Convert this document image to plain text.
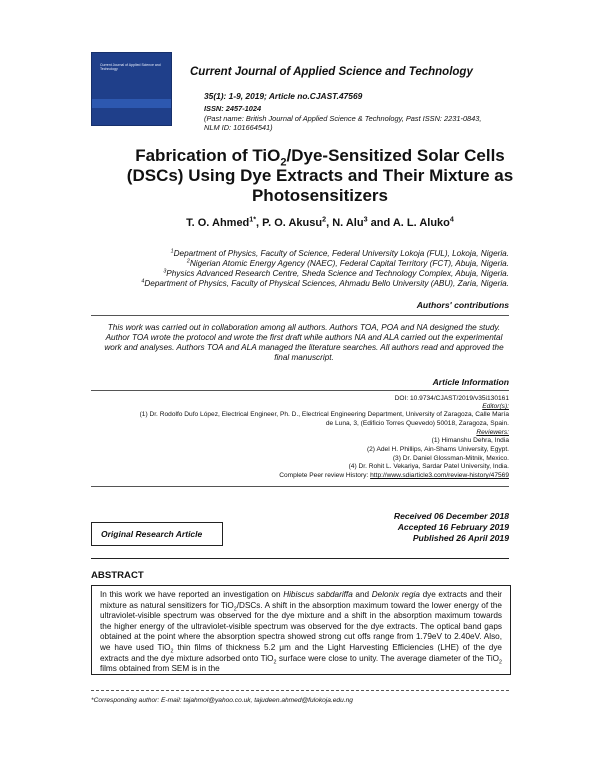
Current Journal of Applied Science and Technology	Current Journal of Applied Science and Technology
35(1): 1-9, 2019; Article no.CJAST.47569
ISSN: 2457-1024
(Past name: British Journal of Applied Science & Technology, Past ISSN: 2231-0843,
NLM ID: 101664541)
Fabrication of TiO$_2$/Dye-Sensitized Solar Cells
(DSCs) Using Dye Extracts and Their Mixture as
Photosensitizers
T. O. Ahmed$^{1*}$, P. O. Akusu$^2$, N. Alu$^3$ and A. L. Aluko$^4$
$^1$Department of Physics, Faculty of Science, Federal University Lokoja (FUL), Lokoja, Nigeria.
$^2$Nigerian Atomic Energy Agency (NAEC), Federal Capital Territory (FCT), Abuja, Nigeria.
$^3$Physics Advanced Research Centre, Sheda Science and Technology Complex, Abuja, Nigeria.
$^4$Department of Physics, Faculty of Physical Sciences, Ahmadu Bello University (ABU), Zaria, Nigeria.
Authors' contributions
This work was carried out in collaboration among all authors. Authors TOA, POA and NA designed the study. Author TOA wrote the protocol and wrote the first draft while authors NA and ALA carried out the experimental work and analyses. Authors TOA and ALA managed the literature searches. All authors read and approved the final manuscript.
Article Information
DOI: 10.9734/CJAST/2019/v35i130161
Editor(s):
(1) Dr. Rodolfo Dufo López, Electrical Engineer, Ph. D., Electrical Engineering Department, University of Zaragoza, Calle María
de Luna, 3, (Edificio Torres Quevedo) 50018, Zaragoza, Spain.
Reviewers:
(1) Himanshu Dehra, India
(2) Adel H. Phillips, Ain-Shams University, Egypt.
(3) Dr. Daniel Glossman-Mitnik, Mexico.
(4) Dr. Rohit L. Vekariya, Sardar Patel University, India.
Complete Peer review History: http://www.sdiarticle3.com/review-history/47569
Original Research Article
Received 06 December 2018
Accepted 16 February 2019
Published 26 April 2019
ABSTRACT
In this work we have reported an investigation on Hibiscus sabdariffa and Delonix regia dye extracts and their mixture as natural sensitizers for TiO$_2$/DSCs. A shift in the absorption maximum toward the lower energy of the ultraviolet-visible spectrum was observed for the dye mixture and a shift in the absorption maximum towards the higher energy of the ultraviolet-visible spectrum was observed for the dye extracts. The optical band gaps obtained at the point where the absorption spectra showed strong cut offs range from 1.79eV to 2.40eV. Also, we have used TiO$_2$ thin films of thickness 5.2 μm and the Light Harvesting Efficiencies (LHE) of the dye extracts and the dye mixture adsorbed onto TiO$_2$ surface were close to unity. The average diameter of the TiO$_2$ films obtained from SEM is in the
*Corresponding author: E-mail: tajahmol@yahoo.co.uk, tajudeen.ahmed@fulokoja.edu.ng
